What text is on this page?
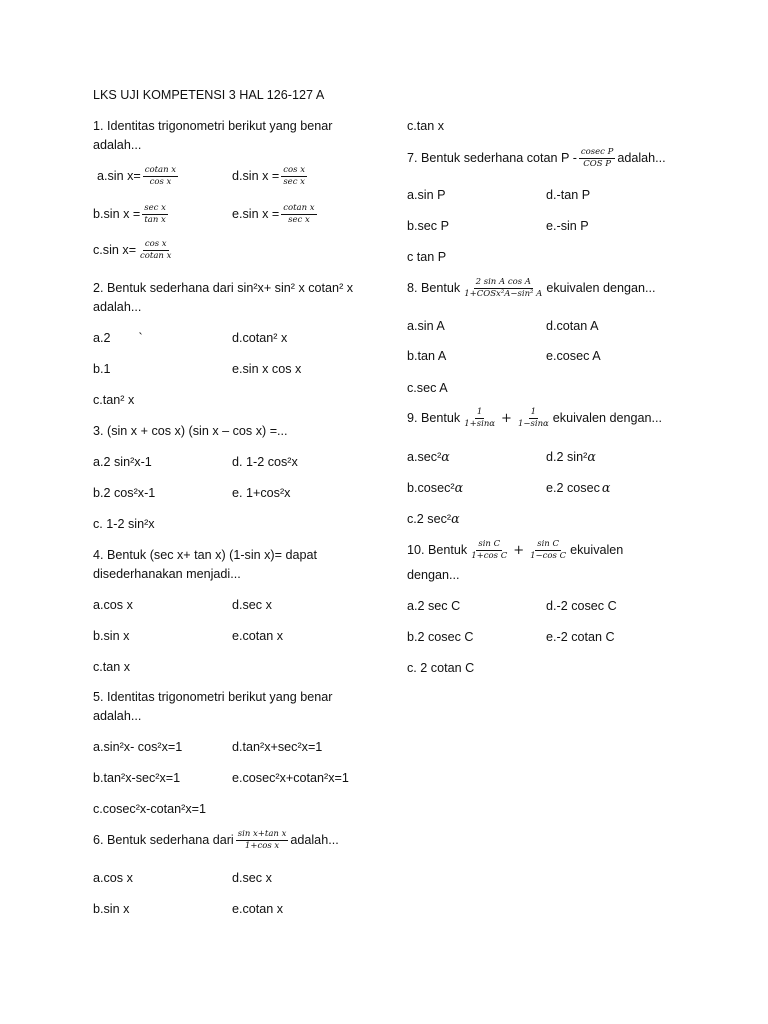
LKS UJI KOMPETENSI 3 HAL 126-127 A
1. Identitas trigonometri berikut yang benar
adalah...
a.sin $x= \frac{\text{cotan x}}{\text{cos x}}$	d.sin $x = \frac{\text{cos x}}{\text{sec x}}$
b.sin $x = \frac{\text{sec x}}{\text{tan x}}$	e.sin $x = \frac{\text{cotan x}}{\text{sec x}}$
c.sin $x= \frac{\text{cos x}}{\text{cotan x}}$
2. Bentuk sederhana dari sin²x+ sin² x cotan² x
adalah...
a.2        `	d.cotan² x
b.1	e.sin x cos x
c.tan² x
3. (sin x + cos x) (sin x – cos x) =...
a.2 sin²x-1	d. 1-2 cos²x
b.2 cos²x-1	e. 1+cos²x
c. 1-2 sin²x
4. Bentuk (sec x+ tan x) (1-sin x)= dapat
disederhanakan menjadi...
a.cos x	d.sec x
b.sin x	e.cotan x
c.tan x
5. Identitas trigonometri berikut yang benar
adalah...
a.sin²x- cos²x=1	d.tan²x+sec²x=1
b.tan²x-sec²x=1	e.cosec²x+cotan²x=1
c.cosec²x-cotan²x=1
6. Bentuk sederhana dari $\frac{\text{sin x+tan x}}{\text{1+cos x}}$ adalah...
a.cos x	d.sec x
b.sin x	e.cotan x
c.tan x
7. Bentuk sederhana cotan P - $\frac{\text{cosec P}}{\text{COS P}}$ adalah...
a.sin P	d.-tan P
b.sec P	e.-sin P
c tan P
8. Bentuk $\frac{\text{2 sin A cos A}}{\text{1+COSx²A−sin² A}}$ ekuivalen dengan...
a.sin A	d.cotan A
b.tan A	e.cosec A
c.sec A
9. Bentuk $\frac{1}{1+\sin\alpha} + \frac{1}{1-\sin\alpha}$ ekuivalen dengan...
a.sec²α	d.2 sin²α
b.cosec²α	e.2 cosec α
c.2 sec²α
10. Bentuk $\frac{\text{sin C}}{\text{1+cos C}} + \frac{\text{sin C}}{\text{1−cos C}}$ ekuivalen
dengan...
a.2 sec C	d.-2 cosec C
b.2 cosec C	e.-2 cotan C
c. 2 cotan C
